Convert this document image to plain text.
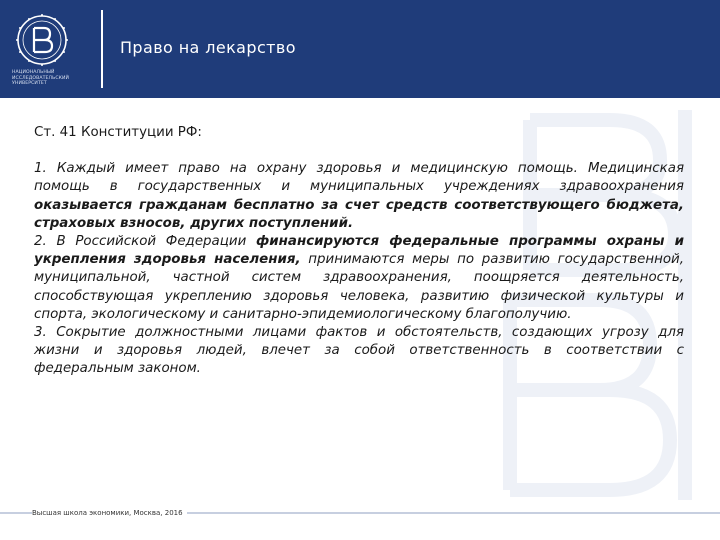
НАЦИОНАЛЬНЫЙ ИССЛЕДОВАТЕЛЬСКИЙ УНИВЕРСИТЕТ
Право на лекарство

Ст. 41 Конституции РФ:

1. Каждый имеет право на охрану здоровья и медицинскую помощь. Медицинская помощь в государственных и муниципальных учреждениях здравоохранения оказывается гражданам бесплатно за счет средств соответствующего бюджета, страховых взносов, других поступлений.

2. В Российской Федерации финансируются федеральные программы охраны и укрепления здоровья населения, принимаются меры по развитию государственной, муниципальной, частной систем здравоохранения, поощряется деятельность, способствующая укреплению здоровья человека, развитию физической культуры и спорта, экологическому и санитарно-эпидемиологическому благополучию.

3. Сокрытие должностными лицами фактов и обстоятельств, создающих угрозу для жизни и здоровья людей, влечет за собой ответственность в соответствии с федеральным законом.

Высшая школа экономики, Москва, 2016
